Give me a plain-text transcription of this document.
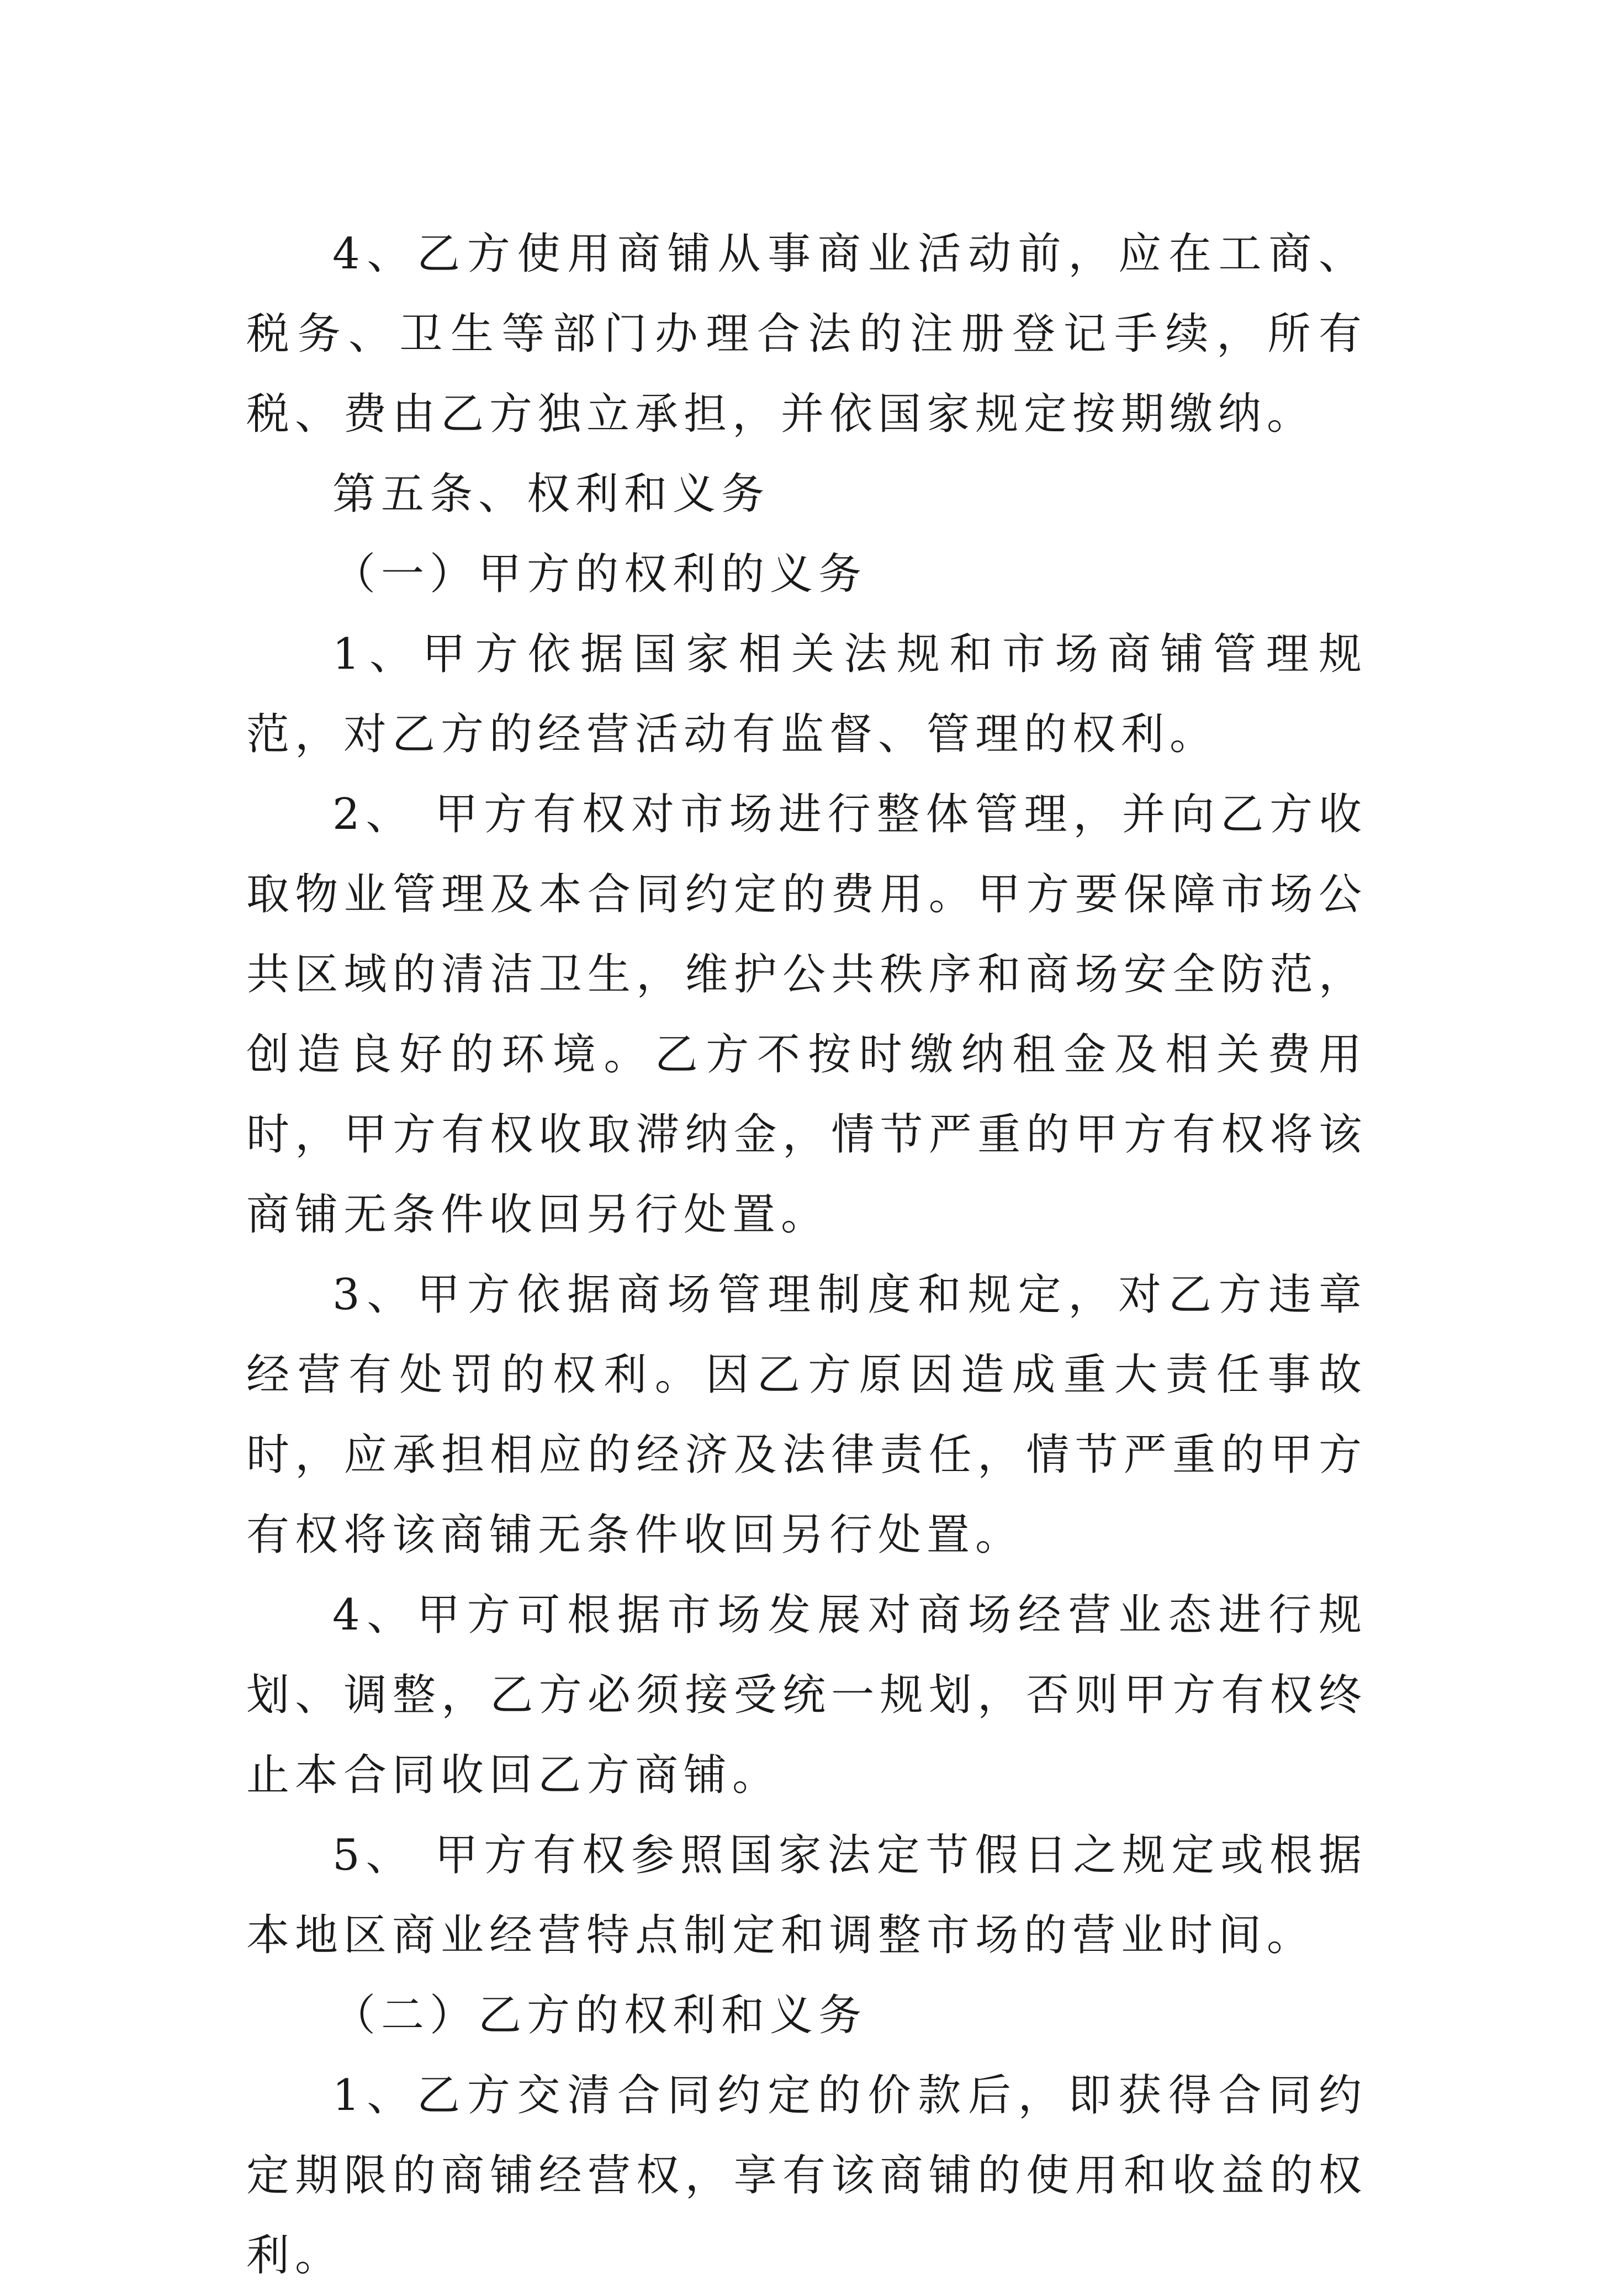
4、乙方使用商铺从事商业活动前，应在工商、税务、卫生等部门办理合法的注册登记手续，所有税、费由乙方独立承担，并依国家规定按期缴纳。

第五条、权利和义务

（一）甲方的权利的义务

1、甲方依据国家相关法规和市场商铺管理规范，对乙方的经营活动有监督、管理的权利。

2、 甲方有权对市场进行整体管理，并向乙方收取物业管理及本合同约定的费用。甲方要保障市场公共区域的清洁卫生，维护公共秩序和商场安全防范，创造良好的环境。乙方不按时缴纳租金及相关费用时，甲方有权收取滞纳金，情节严重的甲方有权将该商铺无条件收回另行处置。

3、甲方依据商场管理制度和规定，对乙方违章经营有处罚的权利。因乙方原因造成重大责任事故时，应承担相应的经济及法律责任，情节严重的甲方有权将该商铺无条件收回另行处置。

4、甲方可根据市场发展对商场经营业态进行规划、调整，乙方必须接受统一规划，否则甲方有权终止本合同收回乙方商铺。

5、 甲方有权参照国家法定节假日之规定或根据本地区商业经营特点制定和调整市场的营业时间。

（二）乙方的权利和义务

1、乙方交清合同约定的价款后，即获得合同约定期限的商铺经营权，享有该商铺的使用和收益的权利。
